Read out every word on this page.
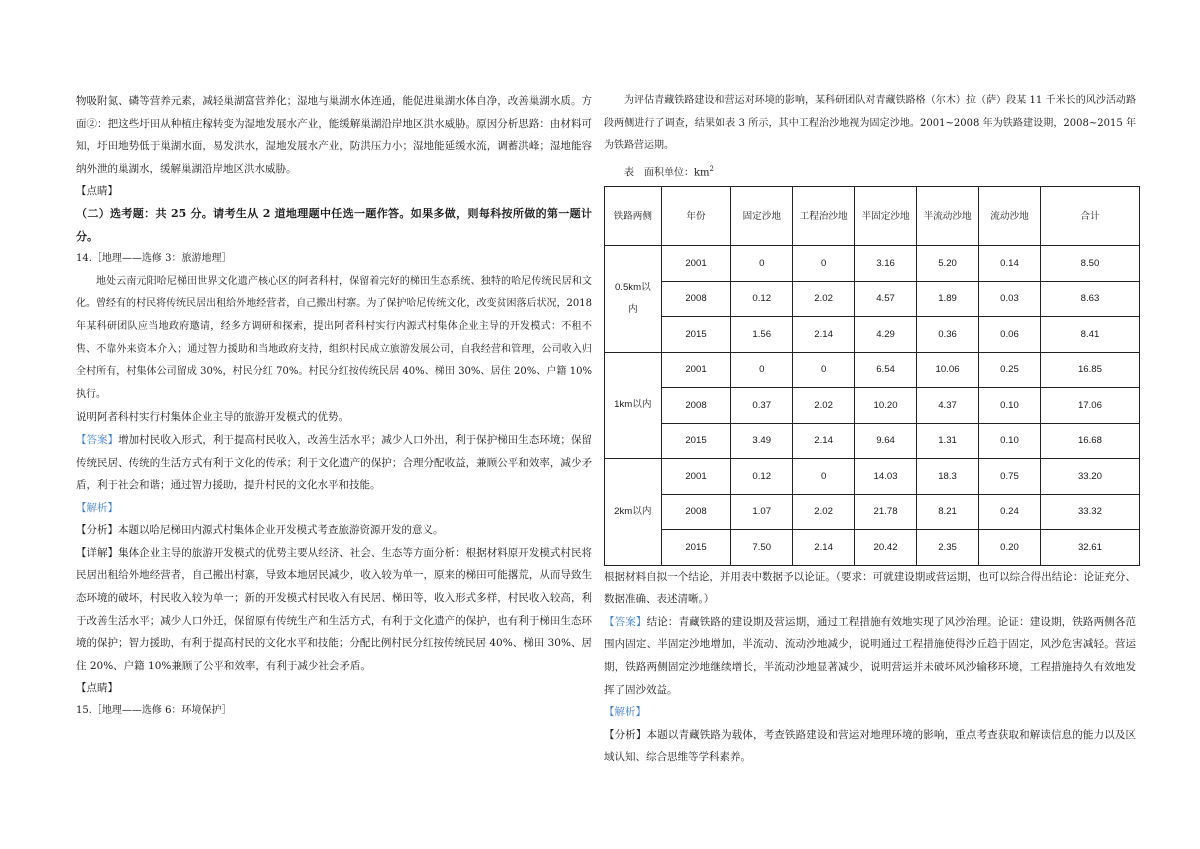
物吸附氮、磷等营养元素，减轻巢湖富营养化；湿地与巢湖水体连通，能促进巢湖水体自净，改善巢湖水质。方面②：把这些圩田从种植庄稼转变为湿地发展水产业，能缓解巢湖沿岸地区洪水威胁。原因分析思路：由材料可知，圩田地势低于巢湖水面，易发洪水，湿地发展水产业，防洪压力小；湿地能延缓水流，调蓄洪峰；湿地能容纳外泄的巢湖水，缓解巢湖沿岸地区洪水威胁。

【点睛】

（二）选考题：共 25 分。请考生从 2 道地理题中任选一题作答。如果多做，则每科按所做的第一题计分。

14.［地理——选修 3：旅游地理］

地处云南元阳哈尼梯田世界文化遗产核心区的阿者科村，保留着完好的梯田生态系统、独特的哈尼传统民居和文化。曾经有的村民将传统民居出租给外地经营者，自己搬出村寨。为了保护哈尼传统文化，改变贫困落后状况，2018 年某科研团队应当地政府邀请，经多方调研和探索，提出阿者科村实行内源式村集体企业主导的开发模式：不租不售、不靠外来资本介入；通过智力援助和当地政府支持，组织村民成立旅游发展公司，自我经营和管理，公司收入归全村所有，村集体公司留成 30%，村民分红 70%。村民分红按传统民居 40%、梯田 30%、居住 20%、户籍 10%执行。

说明阿者科村实行村集体企业主导的旅游开发模式的优势。

【答案】增加村民收入形式，利于提高村民收入，改善生活水平；减少人口外出，利于保护梯田生态环境；保留传统民居、传统的生活方式有利于文化的传承；利于文化遗产的保护；合理分配收益，兼顾公平和效率，减少矛盾，利于社会和谐；通过智力援助，提升村民的文化水平和技能。

【解析】

【分析】本题以哈尼梯田内源式村集体企业开发模式考查旅游资源开发的意义。

【详解】集体企业主导的旅游开发模式的优势主要从经济、社会、生态等方面分析：根据材料原开发模式村民将民居出租给外地经营者，自己搬出村寨，导致本地居民减少，收入较为单一，原来的梯田可能撂荒，从而导致生态环境的破坏，村民收入较为单一；新的开发模式村民收入有民居、梯田等，收入形式多样，村民收入较高，利于改善生活水平；减少人口外迁，保留原有传统生产和生活方式，有利于文化遗产的保护，也有利于梯田生态环境的保护；智力援助，有利于提高村民的文化水平和技能；分配比例村民分红按传统民居 40%、梯田 30%、居住 20%、户籍 10%兼顾了公平和效率，有利于减少社会矛盾。

【点睛】

15.［地理——选修 6：环境保护］

为评估青藏铁路建设和营运对环境的影响，某科研团队对青藏铁路格（尔木）拉（萨）段某 11 千米长的风沙活动路段两侧进行了调查，结果如表 3 所示，其中工程治沙地视为固定沙地。2001~2008 年为铁路建设期，2008~2015 年为铁路营运期。

表　面积单位：$km^2$
铁路两侧	年份	固定沙地	工程治沙地	半固定沙地	半流动沙地	流动沙地	合计
0.5km以内	2001	0	0	3.16	5.20	0.14	8.50
	2008	0.12	2.02	4.57	1.89	0.03	8.63
	2015	1.56	2.14	4.29	0.36	0.06	8.41
1km以内	2001	0	0	6.54	10.06	0.25	16.85
	2008	0.37	2.02	10.20	4.37	0.10	17.06
	2015	3.49	2.14	9.64	1.31	0.10	16.68
2km以内	2001	0.12	0	14.03	18.3	0.75	33.20
	2008	1.07	2.02	21.78	8.21	0.24	33.32
	2015	7.50	2.14	20.42	2.35	0.20	32.61

根据材料自拟一个结论，并用表中数据予以论证。（要求：可就建设期或营运期，也可以综合得出结论：论证充分、数据准确、表述清晰。）

【答案】结论：青藏铁路的建设期及营运期，通过工程措施有效地实现了风沙治理。论证：建设期，铁路两侧各范围内固定、半固定沙地增加，半流动、流动沙地减少，说明通过工程措施使得沙丘趋于固定，风沙危害减轻。营运期，铁路两侧固定沙地继续增长，半流动沙地显著减少，说明营运并未破坏风沙输移环境，工程措施持久有效地发挥了固沙效益。

【解析】

【分析】本题以青藏铁路为载体，考查铁路建设和营运对地理环境的影响，重点考查获取和解读信息的能力以及区域认知、综合思维等学科素养。
